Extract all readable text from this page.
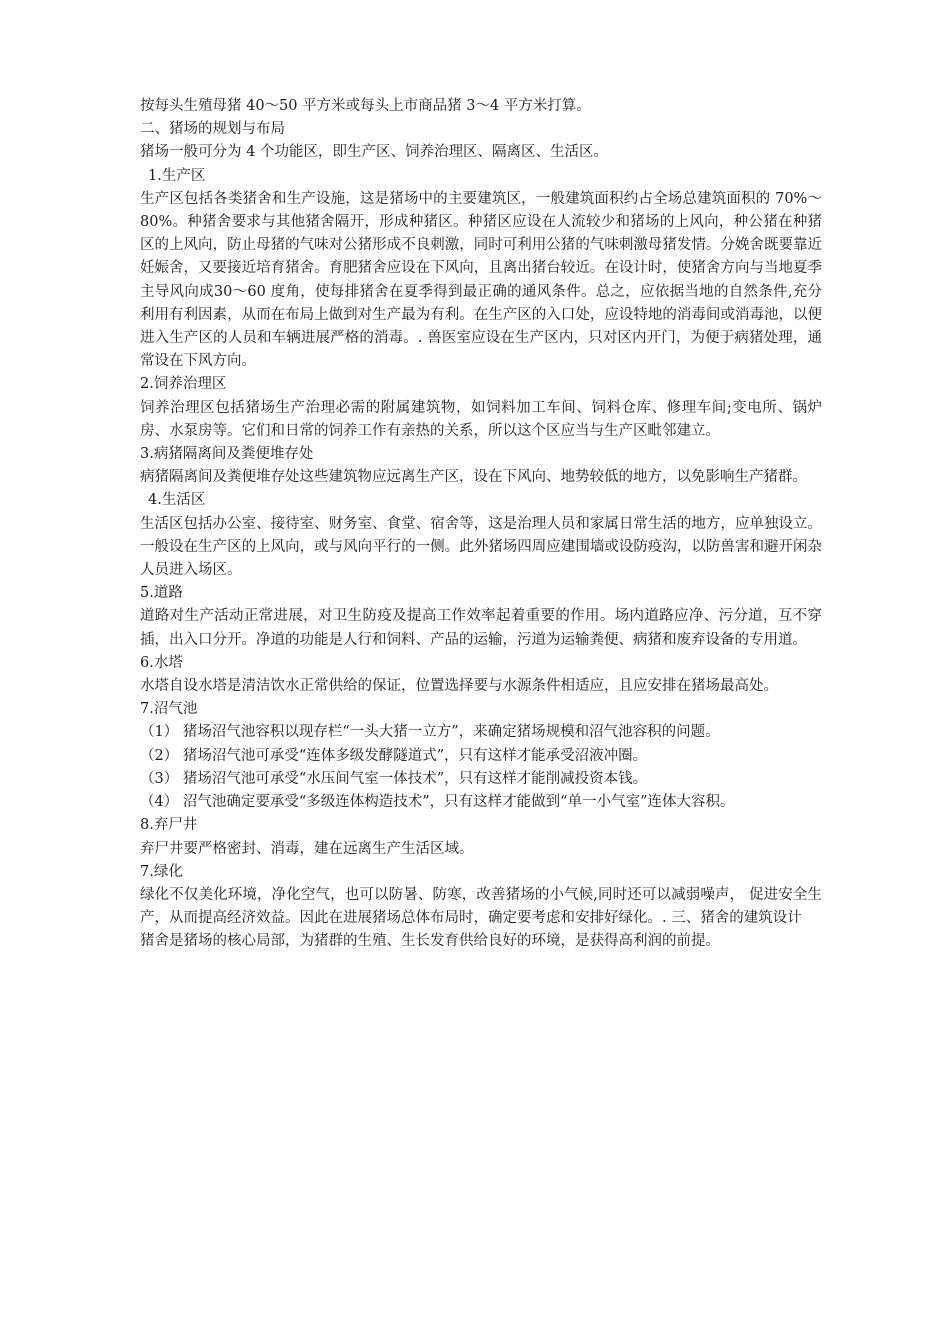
按每头生殖母猪 40～50 平方米或每头上市商品猪 3～4 平方米打算。
二、猪场的规划与布局
猪场一般可分为 4 个功能区，即生产区、饲养治理区、隔离区、生活区。
1.生产区
生产区包括各类猪舍和生产设施，这是猪场中的主要建筑区，一般建筑面积约占全场总建筑面积的 70%～80%。种猪舍要求与其他猪舍隔开，形成种猪区。种猪区应设在人流较少和猪场的上风向，种公猪在种猪区的上风向，防止母猪的气味对公猪形成不良刺激，同时可利用公猪的气味刺激母猪发情。分娩舍既要靠近妊娠舍，又要接近培育猪舍。育肥猪舍应设在下风向，且离出猪台较近。在设计时，使猪舍方向与当地夏季主导风向成30～60 度角，使每排猪舍在夏季得到最正确的通风条件。总之，应依据当地的自然条件,充分利用有利因素，从而在布局上做到对生产最为有利。在生产区的入口处，应设特地的消毒间或消毒池，以便进入生产区的人员和车辆进展严格的消毒。. 兽医室应设在生产区内，只对区内开门，为便于病猪处理，通常设在下风方向。
2.饲养治理区
饲养治理区包括猪场生产治理必需的附属建筑物，如饲料加工车间、饲料仓库、修理车间;变电所、锅炉房、水泵房等。它们和日常的饲养工作有亲热的关系，所以这个区应当与生产区毗邻建立。
3.病猪隔离间及粪便堆存处
病猪隔离间及粪便堆存处这些建筑物应远离生产区，设在下风向、地势较低的地方，以免影响生产猪群。
4.生活区
生活区包括办公室、接待室、财务室、食堂、宿舍等，这是治理人员和家属日常生活的地方，应单独设立。一般设在生产区的上风向，或与风向平行的一侧。此外猪场四周应建围墙或设防疫沟，以防兽害和避开闲杂人员进入场区。
5.道路
道路对生产活动正常进展，对卫生防疫及提高工作效率起着重要的作用。场内道路应净、污分道，互不穿插，出入口分开。净道的功能是人行和饲料、产品的运输，污道为运输粪便、病猪和废弃设备的专用道。
6.水塔
水塔自设水塔是清洁饮水正常供给的保证，位置选择要与水源条件相适应，且应安排在猪场最高处。
7.沼气池
（1） 猪场沼气池容积以现存栏“一头大猪一立方”，来确定猪场规模和沼气池容积的问题。
（2） 猪场沼气池可承受“连体多级发酵隧道式”，只有这样才能承受沼液冲圈。
（3） 猪场沼气池可承受“水压间气室一体技术”，只有这样才能削减投资本钱。
（4） 沼气池确定要承受“多级连体构造技术”，只有这样才能做到“单一小气室”连体大容积。
8.弃尸井
弃尸井要严格密封、消毒，建在远离生产生活区域。
7.绿化
绿化不仅美化环境，净化空气，也可以防暑、防寒，改善猪场的小气候,同时还可以减弱噪声， 促进安全生产，从而提高经济效益。因此在进展猪场总体布局时，确定要考虑和安排好绿化。. 三、猪舍的建筑设计
猪舍是猪场的核心局部，为猪群的生殖、生长发育供给良好的环境，是获得高利润的前提。
